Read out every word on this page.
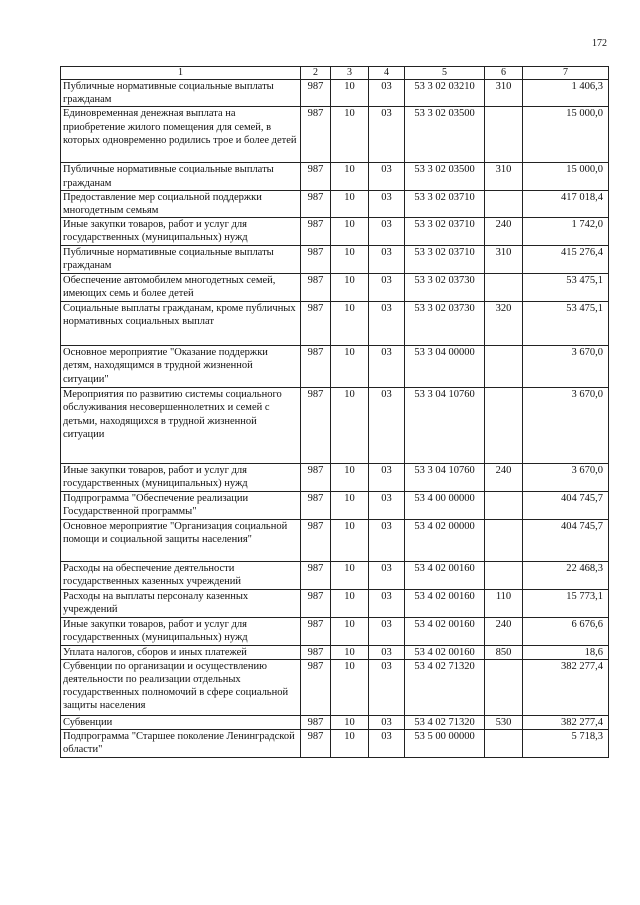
172
1	2	3	4	5	6	7
Публичные нормативные социальные выплаты гражданам	987	10	03	53 3 02 03210	310	1 406,3
Единовременная денежная выплата на приобретение жилого помещения для семей, в которых одновременно родились трое и более детей	987	10	03	53 3 02 03500		15 000,0
Публичные нормативные социальные выплаты гражданам	987	10	03	53 3 02 03500	310	15 000,0
Предоставление мер социальной поддержки многодетным семьям	987	10	03	53 3 02 03710		417 018,4
Иные закупки товаров, работ и услуг для государственных (муниципальных) нужд	987	10	03	53 3 02 03710	240	1 742,0
Публичные нормативные социальные выплаты гражданам	987	10	03	53 3 02 03710	310	415 276,4
Обеспечение автомобилем многодетных семей, имеющих семь и более детей	987	10	03	53 3 02 03730		53 475,1
Социальные выплаты гражданам, кроме публичных нормативных социальных выплат	987	10	03	53 3 02 03730	320	53 475,1
Основное мероприятие "Оказание поддержки детям, находящимся в трудной жизненной ситуации"	987	10	03	53 3 04 00000		3 670,0
Мероприятия по развитию системы социального обслуживания несовершеннолетних и семей с детьми, находящихся в трудной жизненной ситуации	987	10	03	53 3 04 10760		3 670,0
Иные закупки товаров, работ и услуг для государственных (муниципальных) нужд	987	10	03	53 3 04 10760	240	3 670,0
Подпрограмма "Обеспечение реализации Государственной программы"	987	10	03	53 4 00 00000		404 745,7
Основное мероприятие "Организация социальной помощи и социальной защиты населения"	987	10	03	53 4 02 00000		404 745,7
Расходы на обеспечение деятельности государственных казенных учреждений	987	10	03	53 4 02 00160		22 468,3
Расходы на выплаты персоналу казенных учреждений	987	10	03	53 4 02 00160	110	15 773,1
Иные закупки товаров, работ и услуг для государственных (муниципальных) нужд	987	10	03	53 4 02 00160	240	6 676,6
Уплата налогов, сборов и иных платежей	987	10	03	53 4 02 00160	850	18,6
Субвенции по организации и осуществлению деятельности по реализации отдельных государственных полномочий в сфере социальной защиты населения	987	10	03	53 4 02 71320		382 277,4
Субвенции	987	10	03	53 4 02 71320	530	382 277,4
Подпрограмма "Старшее поколение Ленинградской области"	987	10	03	53 5 00 00000		5 718,3
